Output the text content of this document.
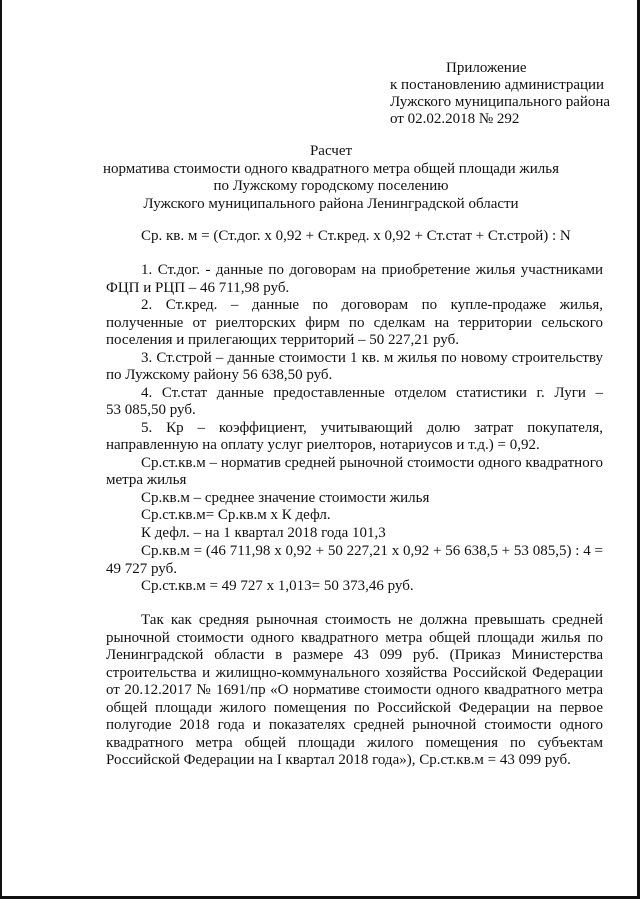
Приложение
к постановлению администрации
Лужского муниципального района
от 02.02.2018 № 292
Расчет
норматива стоимости одного квадратного метра общей площади жилья
по Лужскому городскому поселению
Лужского муниципального района Ленинградской области
Ср. кв. м = (Ст.дог. х 0,92 + Ст.кред. х 0,92 + Ст.стат + Ст.строй) : N
1. Ст.дог. - данные по договорам на приобретение жилья участниками
ФЦП и РЦП – 46 711,98 руб.
2. Ст.кред. – данные по договорам по купле-продаже жилья,
полученные от риелторских фирм по сделкам на территории сельского
поселения и прилегающих территорий – 50 227,21 руб.
3. Ст.строй – данные стоимости 1 кв. м жилья по новому строительству
по Лужскому району 56 638,50 руб.
4. Ст.стат данные предоставленные отделом статистики г. Луги –
53 085,50 руб.
5. Кр – коэффициент, учитывающий долю затрат покупателя,
направленную на оплату услуг риелторов, нотариусов и т.д.) = 0,92.
Ср.ст.кв.м – норматив средней рыночной стоимости одного квадратного
метра жилья
Ср.кв.м – среднее значение стоимости жилья
Ср.ст.кв.м= Ср.кв.м х К дефл.
К дефл. – на 1 квартал 2018 года 101,3
Ср.кв.м = (46 711,98 х 0,92 + 50 227,21 х 0,92 + 56 638,5 + 53 085,5) : 4 =
49 727 руб.
Ср.ст.кв.м = 49 727 х 1,013= 50 373,46 руб.
Так как средняя рыночная стоимость не должна превышать средней
рыночной стоимости одного квадратного метра общей площади жилья по
Ленинградской области в размере 43 099 руб. (Приказ Министерства
строительства и жилищно-коммунального хозяйства Российской Федерации
от 20.12.2017 № 1691/пр «О нормативе стоимости одного квадратного метра
общей площади жилого помещения по Российской Федерации на первое
полугодие 2018 года и показателях средней рыночной стоимости одного
квадратного метра общей площади жилого помещения по субъектам
Российской Федерации на I квартал 2018 года»), Ср.ст.кв.м = 43 099 руб.
